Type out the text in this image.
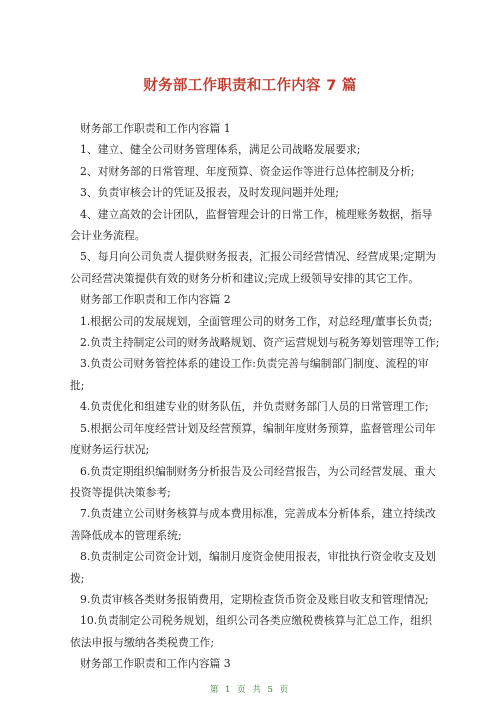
财务部工作职责和工作内容 7 篇

财务部工作职责和工作内容篇 1

1、建立、健全公司财务管理体系，满足公司战略发展要求;

2、对财务部的日常管理、年度预算、资金运作等进行总体控制及分析;

3、负责审核会计的凭证及报表，及时发现问题并处理;

4、建立高效的会计团队，监督管理会计的日常工作，梳理账务数据，指导会计业务流程。

5、每月向公司负责人提供财务报表，汇报公司经营情况、经营成果;定期为公司经营决策提供有效的财务分析和建议;完成上级领导安排的其它工作。

财务部工作职责和工作内容篇 2

1.根据公司的发展规划，全面管理公司的财务工作，对总经理/董事长负责;

2.负责主持制定公司的财务战略规划、资产运营规划与税务筹划管理等工作;

3.负责公司财务管控体系的建设工作:负责完善与编制部门制度、流程的审批;

4.负责优化和组建专业的财务队伍，并负责财务部门人员的日常管理工作;

5.根据公司年度经营计划及经营预算，编制年度财务预算，监督管理公司年度财务运行状况;

6.负责定期组织编制财务分析报告及公司经营报告，为公司经营发展、重大投资等提供决策参考;

7.负责建立公司财务核算与成本费用标准，完善成本分析体系，建立持续改善降低成本的管理系统;

8.负责制定公司资金计划，编制月度资金使用报表，审批执行资金收支及划拨;

9.负责审核各类财务报销费用，定期检查货币资金及账目收支和管理情况;

10.负责制定公司税务规划，组织公司各类应缴税费核算与汇总工作，组织依法申报与缴纳各类税费工作;

财务部工作职责和工作内容篇 3

第 1 页 共 5 页
